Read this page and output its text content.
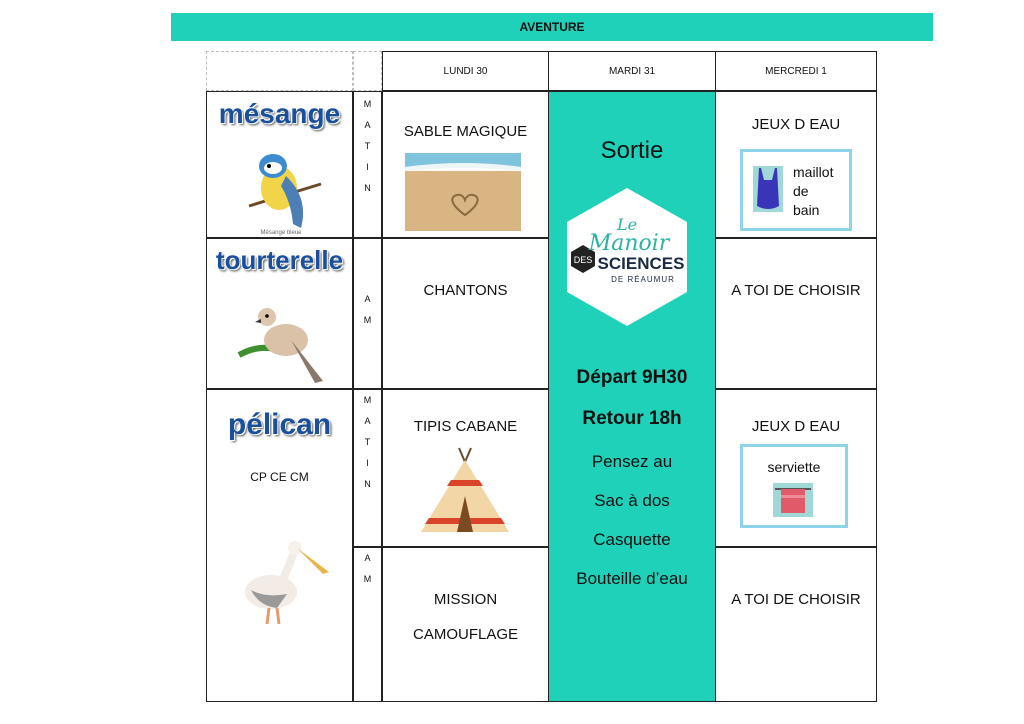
AVENTURE
LUNDI 30	MARDI 31	MERCREDI 1
mésange
Mésange bleue
M
A
T
I
N
tourterelle
A
M
pélican
CP CE CM
M
A
T
I
N
A
M
SABLE MAGIQUE
CHANTONS
TIPIS CABANE
MISSION
CAMOUFLAGE
Sortie
DES
Le
Manoir
SCIENCES
DE RÉAUMUR
Départ 9H30
Retour 18h
Pensez au
Sac à dos
Casquette
Bouteille d’eau
JEUX D EAU
maillot
de
bain
A TOI DE CHOISIR
JEUX D EAU
serviette
A TOI DE CHOISIR
